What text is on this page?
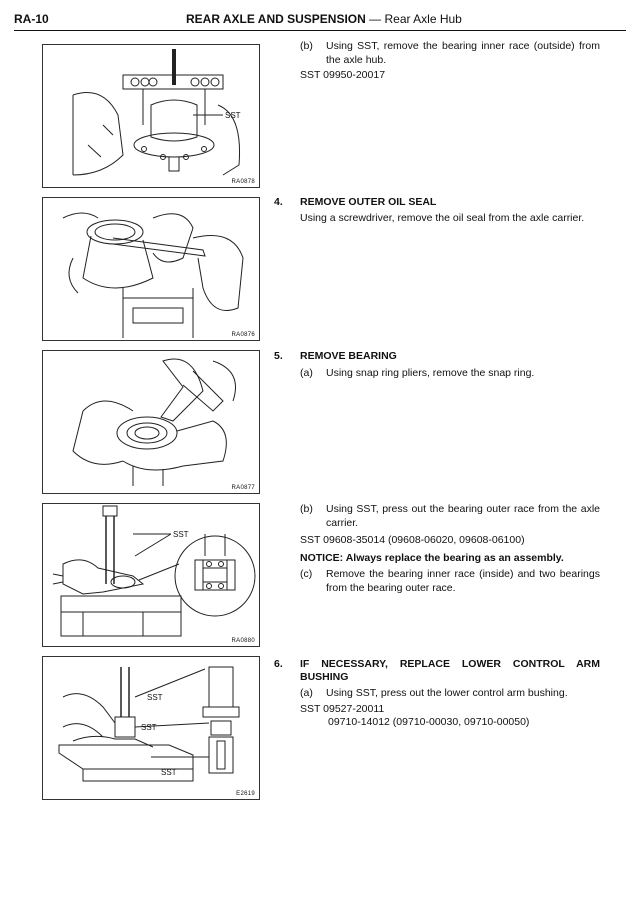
RA-10	REAR AXLE AND SUSPENSION — Rear Axle Hub
SST
RA0878
RA0876
RA0877
SST
RA0880
SST
SST
SST
E2619
(b)	Using SST, remove the bearing inner race (outside) from the axle hub.
SST 09950-20017
4. REMOVE OUTER OIL SEAL
Using a screwdriver, remove the oil seal from the axle carrier.
5. REMOVE BEARING
(a)	Using snap ring pliers, remove the snap ring.
(b)	Using SST, press out the bearing outer race from the axle carrier.
SST 09608-35014 (09608-06020, 09608-06100)
NOTICE: Always replace the bearing as an assembly.
(c)	Remove the bearing inner race (inside) and two bearings from the bearing outer race.
6. IF NECESSARY, REPLACE LOWER CONTROL ARM BUSHING
(a)	Using SST, press out the lower control arm bushing.
SST 09527-20011
09710-14012 (09710-00030, 09710-00050)
